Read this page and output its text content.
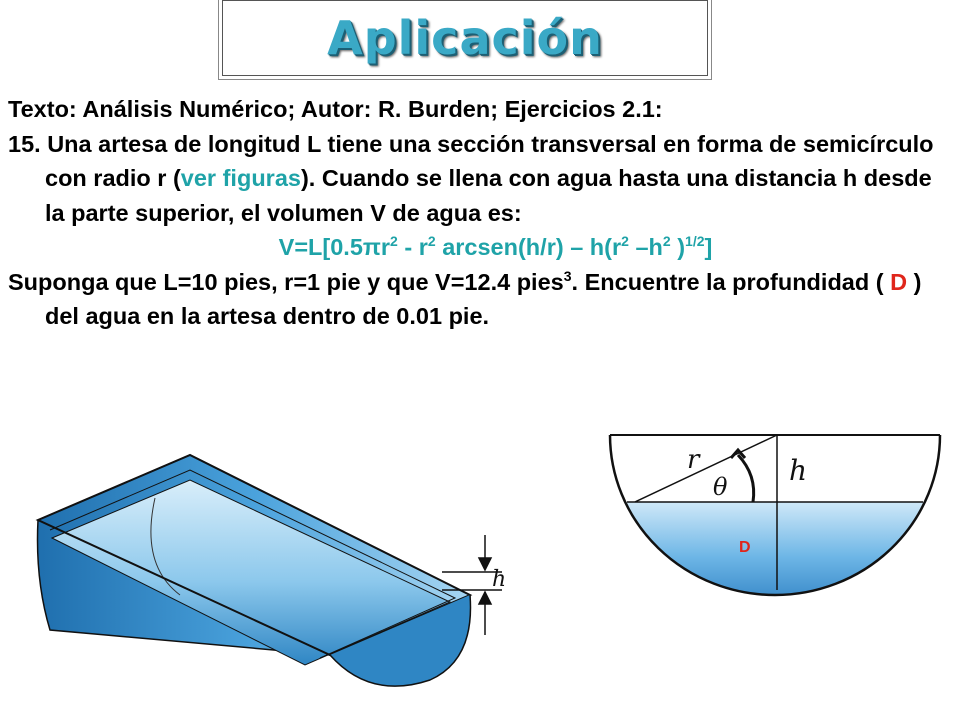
Aplicación

Texto: Análisis Numérico; Autor: R. Burden; Ejercicios 2.1:

15. Una artesa de longitud L tiene una sección transversal en forma de semicírculo con radio r (ver figuras). Cuando se llena con agua hasta una distancia h desde la parte superior, el volumen V de agua es:

$V=L[0.5\pi r^2 - r^2$ arcsen(h/r) – $h(r^2$ $-h^2$ )$^{1/2}$]

Suponga que L=10 pies, r=1 pie y que V=12.4 pies$^3$. Encuentre la profundidad ( D ) del agua en la artesa dentro de 0.01 pie.

h
r
θ h
D
